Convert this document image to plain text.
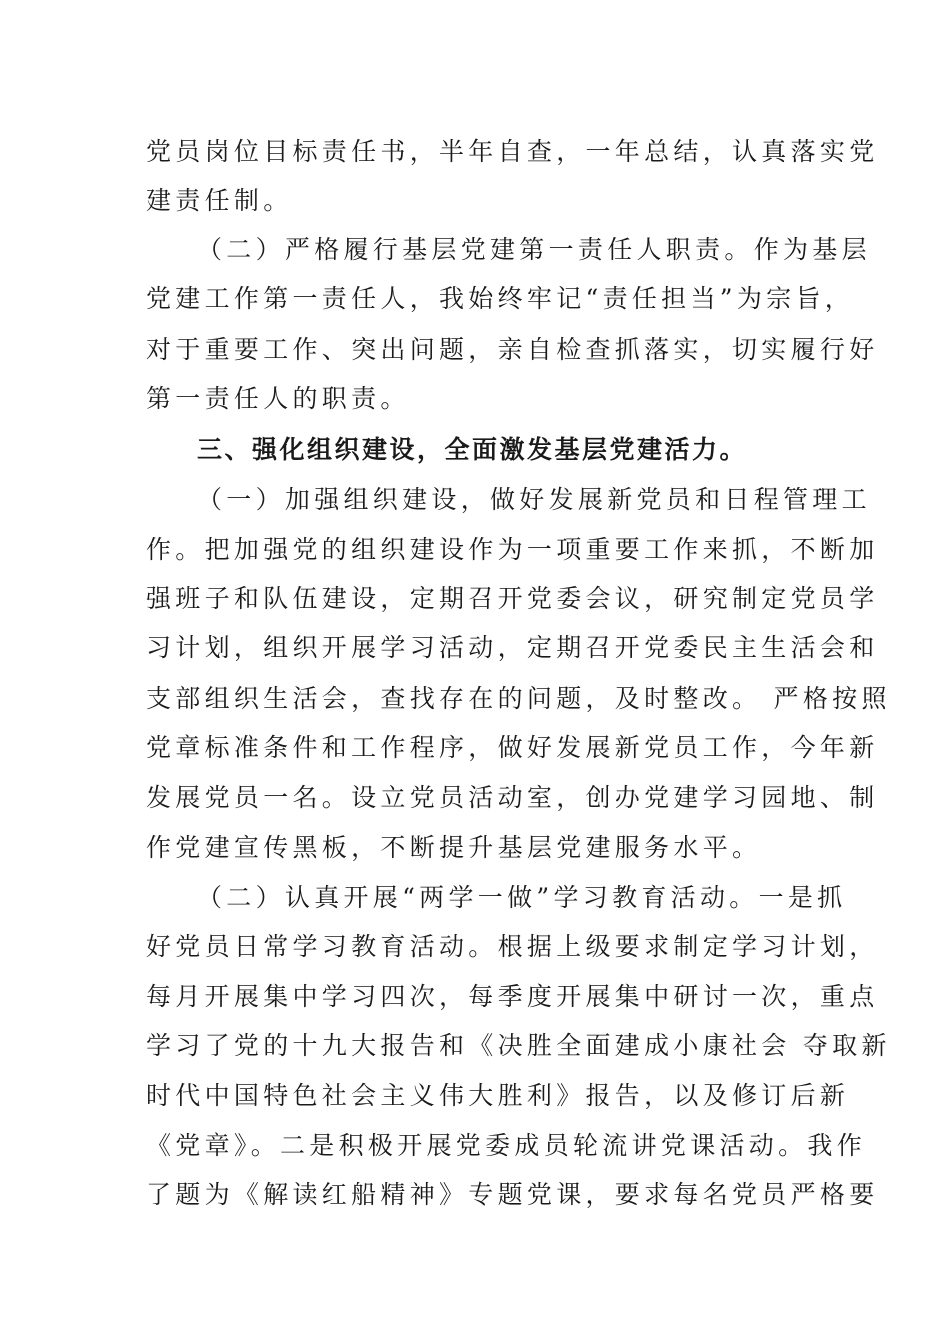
党员岗位目标责任书，半年自查，一年总结，认真落实党
建责任制。
（二）严格履行基层党建第一责任人职责。作为基层
党建工作第一责任人，我始终牢记“责任担当”为宗旨，
对于重要工作、突出问题，亲自检查抓落实，切实履行好
第一责任人的职责。
三、强化组织建设，全面激发基层党建活力。
（一）加强组织建设，做好发展新党员和日程管理工
作。把加强党的组织建设作为一项重要工作来抓，不断加
强班子和队伍建设，定期召开党委会议，研究制定党员学
习计划，组织开展学习活动，定期召开党委民主生活会和
支部组织生活会，查找存在的问题，及时整改。 严格按照
党章标准条件和工作程序，做好发展新党员工作，今年新
发展党员一名。设立党员活动室，创办党建学习园地、制
作党建宣传黑板，不断提升基层党建服务水平。
（二）认真开展“两学一做”学习教育活动。一是抓
好党员日常学习教育活动。根据上级要求制定学习计划，
每月开展集中学习四次，每季度开展集中研讨一次，重点
学习了党的十九大报告和《决胜全面建成小康社会 夺取新
时代中国特色社会主义伟大胜利》报告，以及修订后新
《党章》。二是积极开展党委成员轮流讲党课活动。我作
了题为《解读红船精神》专题党课，要求每名党员严格要
